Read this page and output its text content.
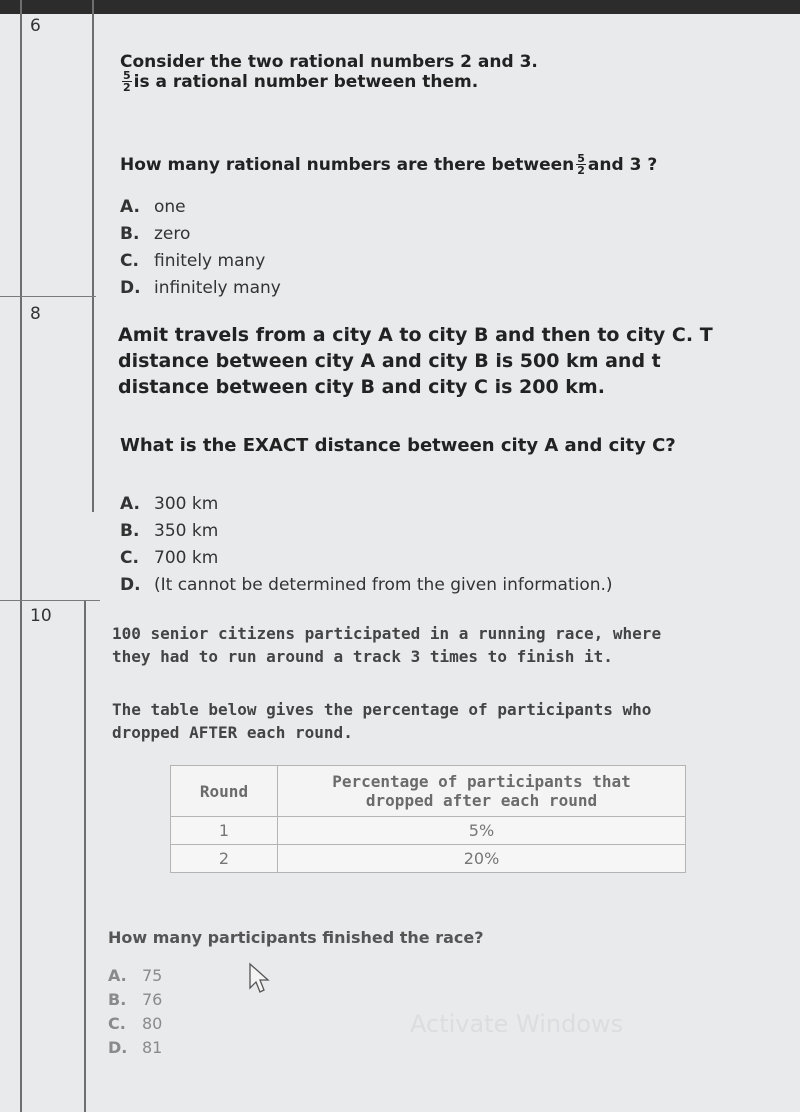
6
Consider the two rational numbers 2 and 3.
$\frac{5}{2}$ is a rational number between them.
How many rational numbers are there between $\frac{5}{2}$ and 3 ?
A. one
B. zero
C. finitely many
D. infinitely many
8
Amit travels from a city A to city B and then to city C. T
distance between city A and city B is 500 km and t
distance between city B and city C is 200 km.
What is the EXACT distance between city A and city C?
A. 300 km
B. 350 km
C. 700 km
D. (It cannot be determined from the given information.)
10
100 senior citizens participated in a running race, where
they had to run around a track 3 times to finish it.
The table below gives the percentage of participants who
dropped AFTER each round.
Round	Percentage of participants that
dropped after each round

1	5%
2	20%
How many participants finished the race?
A. 75
B. 76
C. 80
D. 81
Activate Windows
